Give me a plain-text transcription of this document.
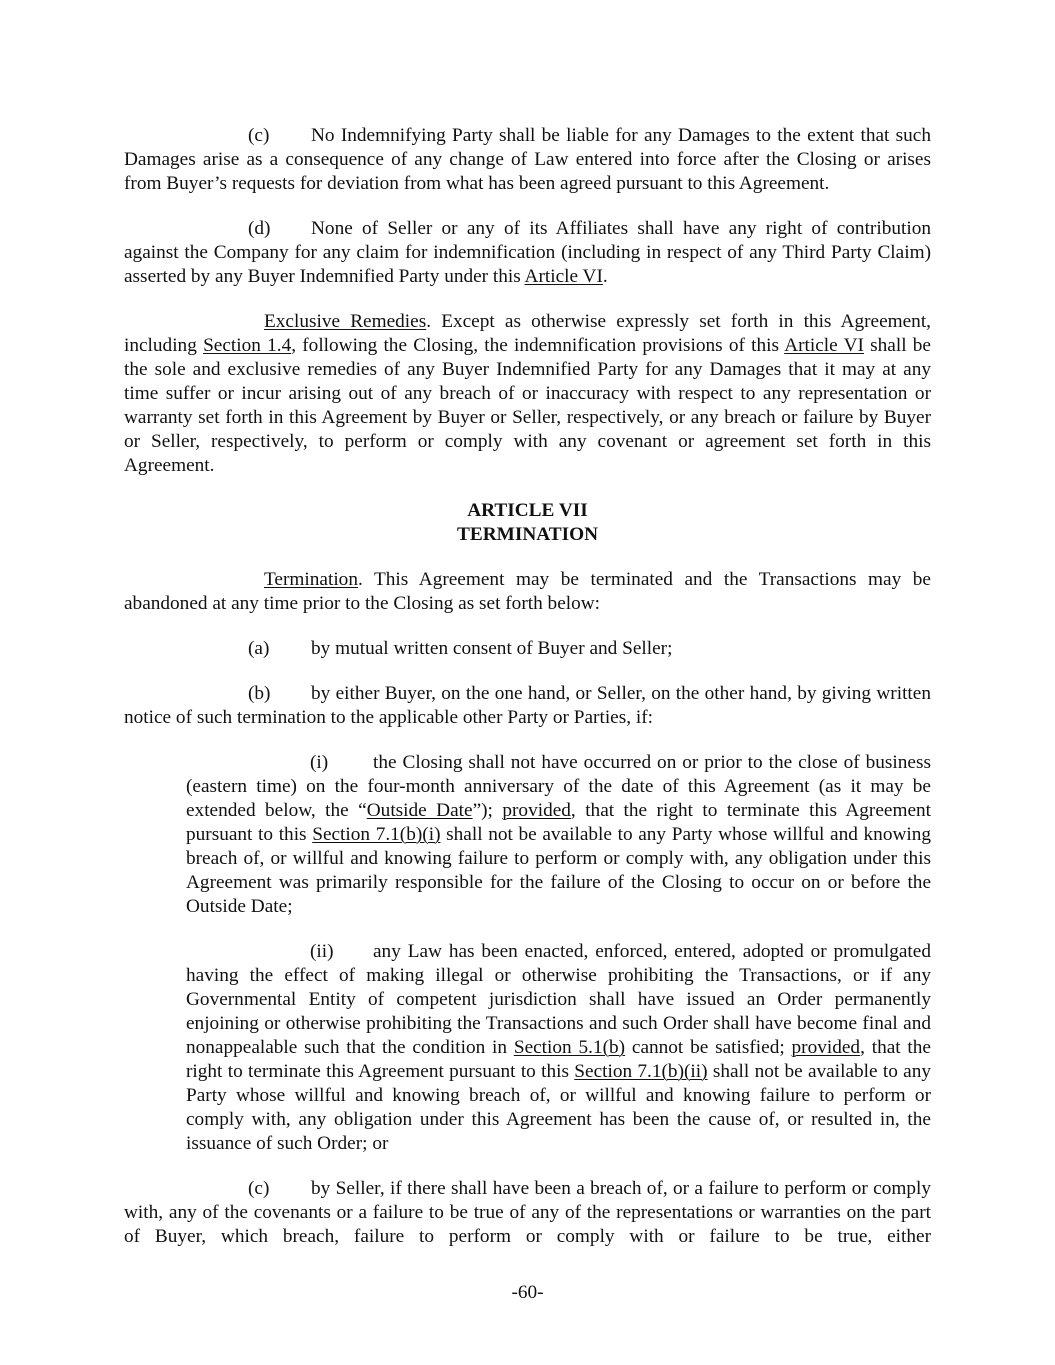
(c) No Indemnifying Party shall be liable for any Damages to the extent that such Damages arise as a consequence of any change of Law entered into force after the Closing or arises from Buyer’s requests for deviation from what has been agreed pursuant to this Agreement.

(d) None of Seller or any of its Affiliates shall have any right of contribution against the Company for any claim for indemnification (including in respect of any Third Party Claim) asserted by any Buyer Indemnified Party under this Article VI.

Exclusive Remedies. Except as otherwise expressly set forth in this Agreement, including Section 1.4, following the Closing, the indemnification provisions of this Article VI shall be the sole and exclusive remedies of any Buyer Indemnified Party for any Damages that it may at any time suffer or incur arising out of any breach of or inaccuracy with respect to any representation or warranty set forth in this Agreement by Buyer or Seller, respectively, or any breach or failure by Buyer or Seller, respectively, to perform or comply with any covenant or agreement set forth in this Agreement.

ARTICLE VII
TERMINATION

Termination. This Agreement may be terminated and the Transactions may be abandoned at any time prior to the Closing as set forth below:

(a) by mutual written consent of Buyer and Seller;

(b) by either Buyer, on the one hand, or Seller, on the other hand, by giving written notice of such termination to the applicable other Party or Parties, if:

(i) the Closing shall not have occurred on or prior to the close of business (eastern time) on the four-month anniversary of the date of this Agreement (as it may be extended below, the “Outside Date”); provided, that the right to terminate this Agreement pursuant to this Section 7.1(b)(i) shall not be available to any Party whose willful and knowing breach of, or willful and knowing failure to perform or comply with, any obligation under this Agreement was primarily responsible for the failure of the Closing to occur on or before the Outside Date;

(ii) any Law has been enacted, enforced, entered, adopted or promulgated having the effect of making illegal or otherwise prohibiting the Transactions, or if any Governmental Entity of competent jurisdiction shall have issued an Order permanently enjoining or otherwise prohibiting the Transactions and such Order shall have become final and nonappealable such that the condition in Section 5.1(b) cannot be satisfied; provided, that the right to terminate this Agreement pursuant to this Section 7.1(b)(ii) shall not be available to any Party whose willful and knowing breach of, or willful and knowing failure to perform or comply with, any obligation under this Agreement has been the cause of, or resulted in, the issuance of such Order; or

(c) by Seller, if there shall have been a breach of, or a failure to perform or comply with, any of the covenants or a failure to be true of any of the representations or warranties on the part of Buyer, which breach, failure to perform or comply with or failure to be true, either

-60-
